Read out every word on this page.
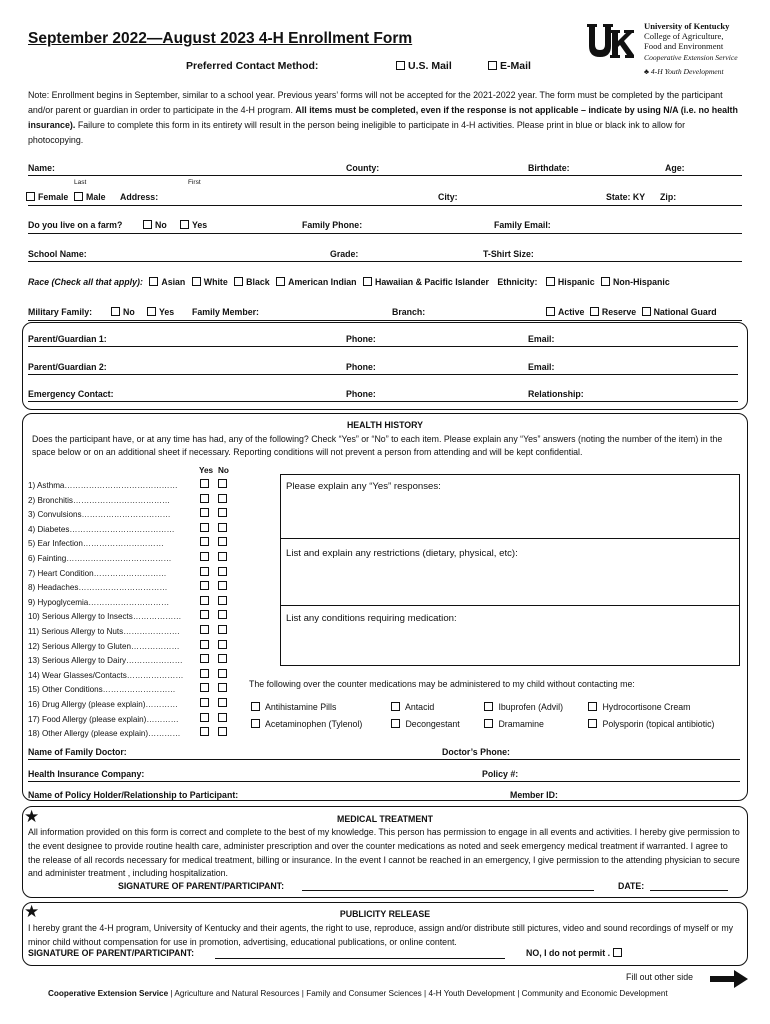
September 2022—August 2023 4-H Enrollment Form
Preferred Contact Method:	U.S. Mail	E-Mail
University of Kentucky
College of Agriculture,
Food and Environment
Cooperative Extension Service
♣ 4-H Youth Development
Note: Enrollment begins in September, similar to a school year. Previous years’ forms will not be accepted for the 2021-2022 year. The form must be completed by the participant and/or parent or guardian in order to participate in the 4-H program. All items must be completed, even if the response is not applicable – indicate by using N/A (i.e. no health insurance). Failure to complete this form in its entirety will result in the person being ineligible to participate in 4-H activities. Please print in blue or black ink to allow for photocopying.
Name:	County:	Birthdate:	Age:
Last	First
Female	Male Address:	City:	State: KY Zip:
Do you live on a farm?	No	Yes	Family Phone:	Family Email:
School Name:	Grade:	T-Shirt Size:
Race (Check all that apply): Asian White Black American Indian Hawaiian & Pacific Islander Ethnicity: Hispanic Non-Hispanic
Military Family:	No	Yes Family Member:	Branch:	Active Reserve National Guard
Parent/Guardian 1:	Phone:	Email:
Parent/Guardian 2:	Phone:	Email:
Emergency Contact:	Phone:	Relationship:
HEALTH HISTORY
Does the participant have, or at any time has had, any of the following? Check “Yes” or “No” to each item. Please explain any “Yes” answers (noting the number of the item) in the space below or on an additional sheet if necessary. Reporting conditions will not prevent a person from attending and will be kept confidential.
Yes No
1) Asthma……………………………………
2) Bronchitis………………………………
3) Convulsions……………………………
4) Diabetes…………………………………
5) Ear Infection…………………………
6) Fainting…………………………………
7) Heart Condition………………………
8) Headaches……………………………
9) Hypoglycemia…………………………
10) Serious Allergy to Insects………………
11) Serious Allergy to Nuts…………………
12) Serious Allergy to Gluten………………
13) Serious Allergy to Dairy…………………
14) Wear Glasses/Contacts…………………
15) Other Conditions………………………
16) Drug Allergy (please explain)…………
17) Food Allergy (please explain)…………
18) Other Allergy (please explain)…………
Please explain any “Yes” responses:
List and explain any restrictions (dietary, physical, etc):
List any conditions requiring medication:
The following over the counter medications may be administered to my child without contacting me:
Antihistamine Pills	Antacid	Ibuprofen (Advil)	Hydrocortisone Cream
Acetaminophen (Tylenol)	Decongestant	Dramamine	Polysporin (topical antibiotic)
Name of Family Doctor:	Doctor’s Phone:
Health Insurance Company:	Policy #:
Name of Policy Holder/Relationship to Participant:	Member ID:
★	MEDICAL TREATMENT
All information provided on this form is correct and complete to the best of my knowledge. This person has permission to engage in all events and activities. I hereby give permission to the event designee to provide routine health care, administer prescription and over the counter medications as noted and seek emergency medical treatment if warranted. I agree to the release of all records necessary for medical treatment, billing or insurance. In the event I cannot be reached in an emergency, I give permission to the attending physician to secure and administer treatment , including hospitalization.
SIGNATURE OF PARENT/PARTICIPANT:	DATE:
★	PUBLICITY RELEASE
I hereby grant the 4-H program, University of Kentucky and their agents, the right to use, reproduce, assign and/or distribute still pictures, video and sound recordings of myself or my minor child without compensation for use in promotion, advertising, educational publications, or online content.
SIGNATURE OF PARENT/PARTICIPANT:	NO, I do not permit .
Fill out other side
Cooperative Extension Service | Agriculture and Natural Resources | Family and Consumer Sciences | 4-H Youth Development | Community and Economic Development
